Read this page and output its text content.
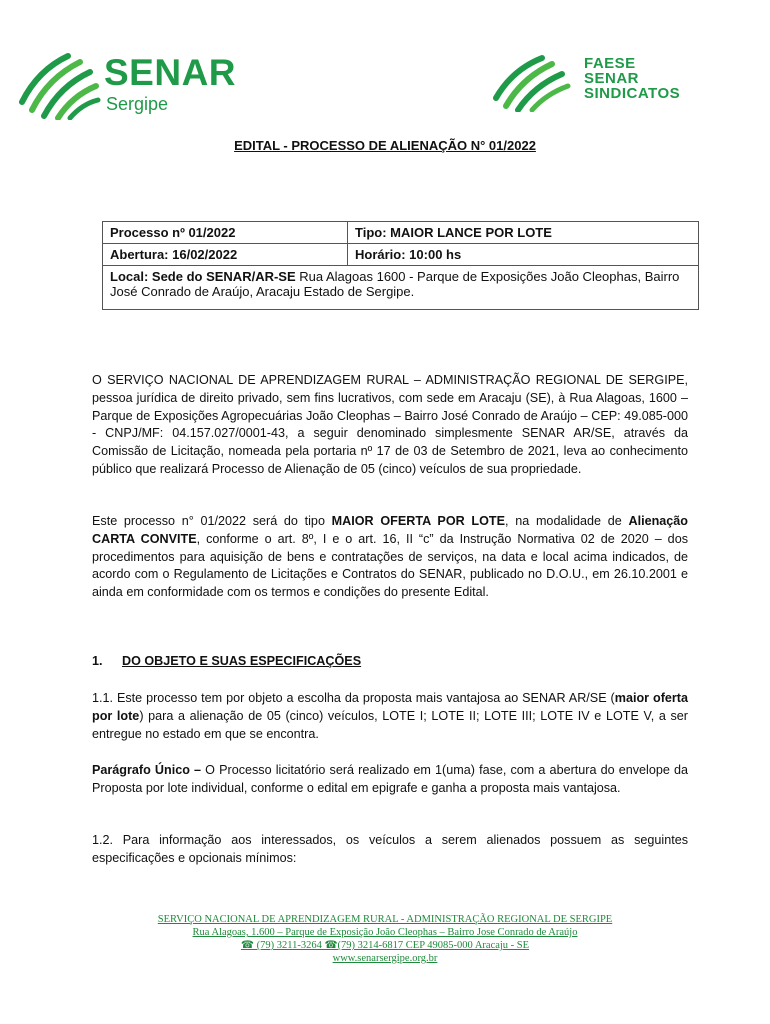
SENAR
Sergipe
FAESE
SENAR
SINDICATOS
EDITAL - PROCESSO DE ALIENAÇÃO N° 01/2022
Processo nº 01/2022	Tipo: MAIOR LANCE POR LOTE
Abertura: 16/02/2022	Horário: 10:00 hs
Local: Sede do SENAR/AR-SE Rua Alagoas 1600 - Parque de Exposições João Cleophas, Bairro José Conrado de Araújo, Aracaju Estado de Sergipe.	
O SERVIÇO NACIONAL DE APRENDIZAGEM RURAL – ADMINISTRAÇÃO REGIONAL DE SERGIPE, pessoa jurídica de direito privado, sem fins lucrativos, com sede em Aracaju (SE), à Rua Alagoas, 1600 – Parque de Exposições Agropecuárias João Cleophas – Bairro José Conrado de Araújo – CEP: 49.085-000 - CNPJ/MF: 04.157.027/0001-43, a seguir denominado simplesmente SENAR AR/SE, através da Comissão de Licitação, nomeada pela portaria nº 17 de 03 de Setembro de 2021, leva ao conhecimento público que realizará Processo de Alienação de 05 (cinco) veículos de sua propriedade.
Este processo n° 01/2022 será do tipo MAIOR OFERTA POR LOTE, na modalidade de Alienação CARTA CONVITE, conforme o art. 8º, I e o art. 16, II “c” da Instrução Normativa 02 de 2020 – dos procedimentos para aquisição de bens e contratações de serviços, na data e local acima indicados, de acordo com o Regulamento de Licitações e Contratos do SENAR, publicado no D.O.U., em 26.10.2001 e ainda em conformidade com os termos e condições do presente Edital.
1. DO OBJETO E SUAS ESPECIFICAÇÕES
1.1. Este processo tem por objeto a escolha da proposta mais vantajosa ao SENAR AR/SE (maior oferta por lote) para a alienação de 05 (cinco) veículos, LOTE I; LOTE II; LOTE III; LOTE IV e LOTE V, a ser entregue no estado em que se encontra.
Parágrafo Único – O Processo licitatório será realizado em 1(uma) fase, com a abertura do envelope da Proposta por lote individual, conforme o edital em epigrafe e ganha a proposta mais vantajosa.
1.2. Para informação aos interessados, os veículos a serem alienados possuem as seguintes especificações e opcionais mínimos:
SERVIÇO NACIONAL DE APRENDIZAGEM RURAL - ADMINISTRAÇÃO REGIONAL DE SERGIPE
Rua Alagoas, 1.600 – Parque de Exposição João Cleophas – Bairro Jose Conrado de Araújo
☎ (79) 3211-3264 ☎(79) 3214-6817 CEP 49085-000 Aracaju - SE
www.senarsergipe.org.br
